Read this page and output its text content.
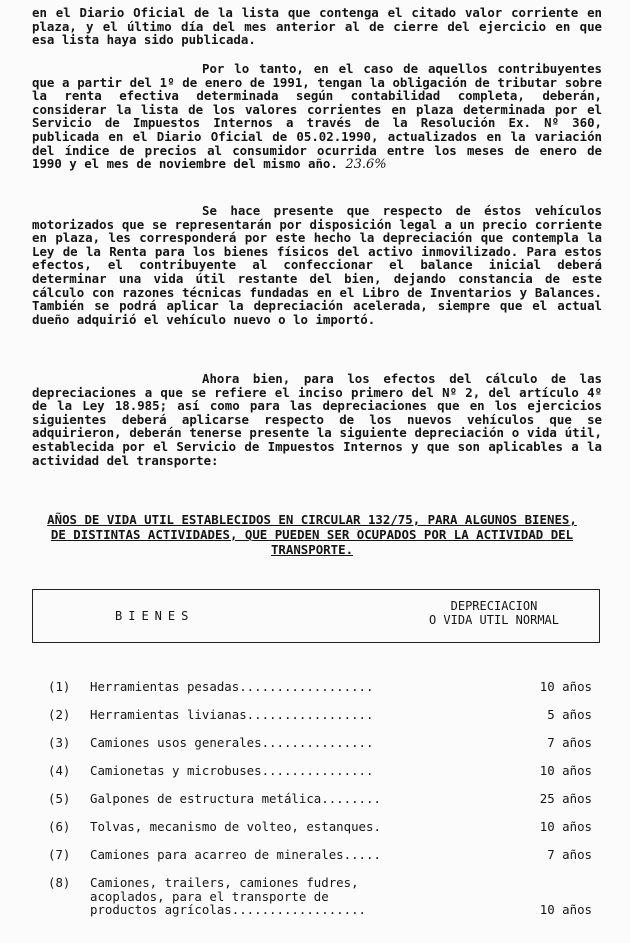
en el Diario Oficial de la lista que contenga el citado valor corriente en plaza, y el último día del mes anterior al de cierre del ejercicio en que esa lista haya sido publicada.

Por lo tanto, en el caso de aquellos contribuyentes que a partir del 1º de enero de 1991, tengan la obligación de tributar sobre la renta efectiva determinada según contabilidad completa, deberán, considerar la lista de los valores corrientes en plaza determinada por el Servicio de Impuestos Internos a través de la Resolución Ex. Nº 360, publicada en el Diario Oficial de 05.02.1990, actualizados en la variación del índice de precios al consumidor ocurrida entre los meses de enero de 1990 y el mes de noviembre del mismo año. 23.6%

Se hace presente que respecto de éstos vehículos motorizados que se representarán por disposición legal a un precio corriente en plaza, les corresponderá por este hecho la depreciación que contempla la Ley de la Renta para los bienes físicos del activo inmovilizado. Para estos efectos, el contribuyente al confeccionar el balance inicial deberá determinar una vida útil restante del bien, dejando constancia de este cálculo con razones técnicas fundadas en el Libro de Inventarios y Balances. También se podrá aplicar la depreciación acelerada, siempre que el actual dueño adquirió el vehículo nuevo o lo importó.

Ahora bien, para los efectos del cálculo de las depreciaciones a que se refiere el inciso primero del Nº 2, del artículo 4º de la Ley 18.985; así como para las depreciaciones que en los ejercicios siguientes deberá aplicarse respecto de los nuevos vehículos que se adquirieron, deberán tenerse presente la siguiente depreciación o vida útil, establecida por el Servicio de Impuestos Internos y que son aplicables a la actividad del transporte:

AÑOS DE VIDA UTIL ESTABLECIDOS EN CIRCULAR 132/75, PARA ALGUNOS BIENES, DE DISTINTAS ACTIVIDADES, QUE PUEDEN SER OCUPADOS POR LA ACTIVIDAD DEL TRANSPORTE.

BIENES
DEPRECIACION
O VIDA UTIL NORMAL
(1) Herramientas pesadas..................	10 años
(2) Herramientas livianas.................	5 años
(3) Camiones usos generales...............	7 años
(4) Camionetas y microbuses...............	10 años
(5) Galpones de estructura metálica........	25 años
(6) Tolvas, mecanismo de volteo, estanques.	10 años
(7) Camiones para acarreo de minerales.....	7 años
(8) Camiones, trailers, camiones fudres,
acoplados, para el transporte de
productos agrícolas..................	10 años
